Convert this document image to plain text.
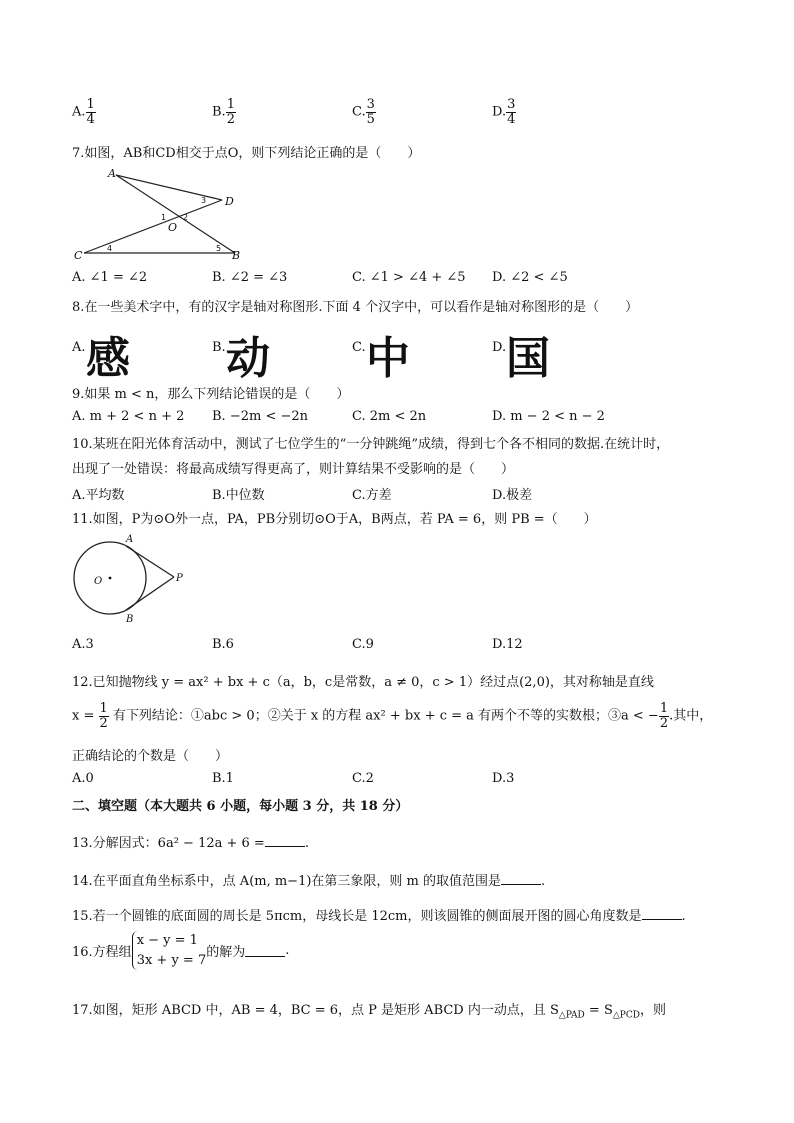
A. $\frac{1}{4}$	B. $\frac{1}{2}$	C. $\frac{3}{5}$	D. $\frac{3}{4}$
7.如图，AB和CD相交于点O，则下列结论正确的是（　　）
A
D
C	B
O
1 2
3
4	5
A. ∠1 = ∠2	B. ∠2 = ∠3	C. ∠1 > ∠4 + ∠5 D. ∠2 < ∠5
8.在一些美术字中，有的汉字是轴对称图形.下面 4 个汉字中，可以看作是轴对称图形的是（　　）
A. 感	B. 动	C. 中	D. 国
9.如果 m < n，那么下列结论错误的是（　　）
A. m + 2 < n + 2 B. −2m < −2n	C. 2m < 2n	D. m − 2 < n − 2
10.某班在阳光体育活动中，测试了七位学生的“一分钟跳绳”成绩，得到七个各不相同的数据.在统计时，
出现了一处错误：将最高成绩写得更高了，则计算结果不受影响的是（　　）
A.平均数	B.中位数	C.方差	D.极差
11.如图，P为⊙O外一点，PA，PB分别切⊙O于A，B两点，若 PA = 6，则 PB =（　　）
A
B
O	P
A.3	B.6	C.9	D.12
12.已知抛物线 y = ax² + bx + c（a，b，c是常数，a ≠ 0，c > 1）经过点(2,0)，其对称轴是直线
$x = \frac{1}{2}$ 有下列结论：①abc > 0；②关于 x 的方程 ax² + bx + c = a 有两个不等的实数根；③a < − $\frac{1}{2}$ .其中，
正确结论的个数是（　　）
A.0	B.1	C.2	D.3
二、填空题（本大题共 6 小题，每小题 3 分，共 18 分）
13.分解因式：6a² − 12a + 6 =	.
14.在平面直角坐标系中，点 A(m, m−1)在第三象限，则 m 的取值范围是	.
15.若一个圆锥的底面圆的周长是 5πcm，母线长是 12cm，则该圆锥的侧面展开图的圆心角度数是	.
16.方程组
x − y = 1
3x + y = 7 的解为	.
17.如图，矩形 ABCD 中，AB = 4，BC = 6，点 P 是矩形 ABCD 内一动点，且 $S_{\triangle PAD} = S_{\triangle PCD}$，则
